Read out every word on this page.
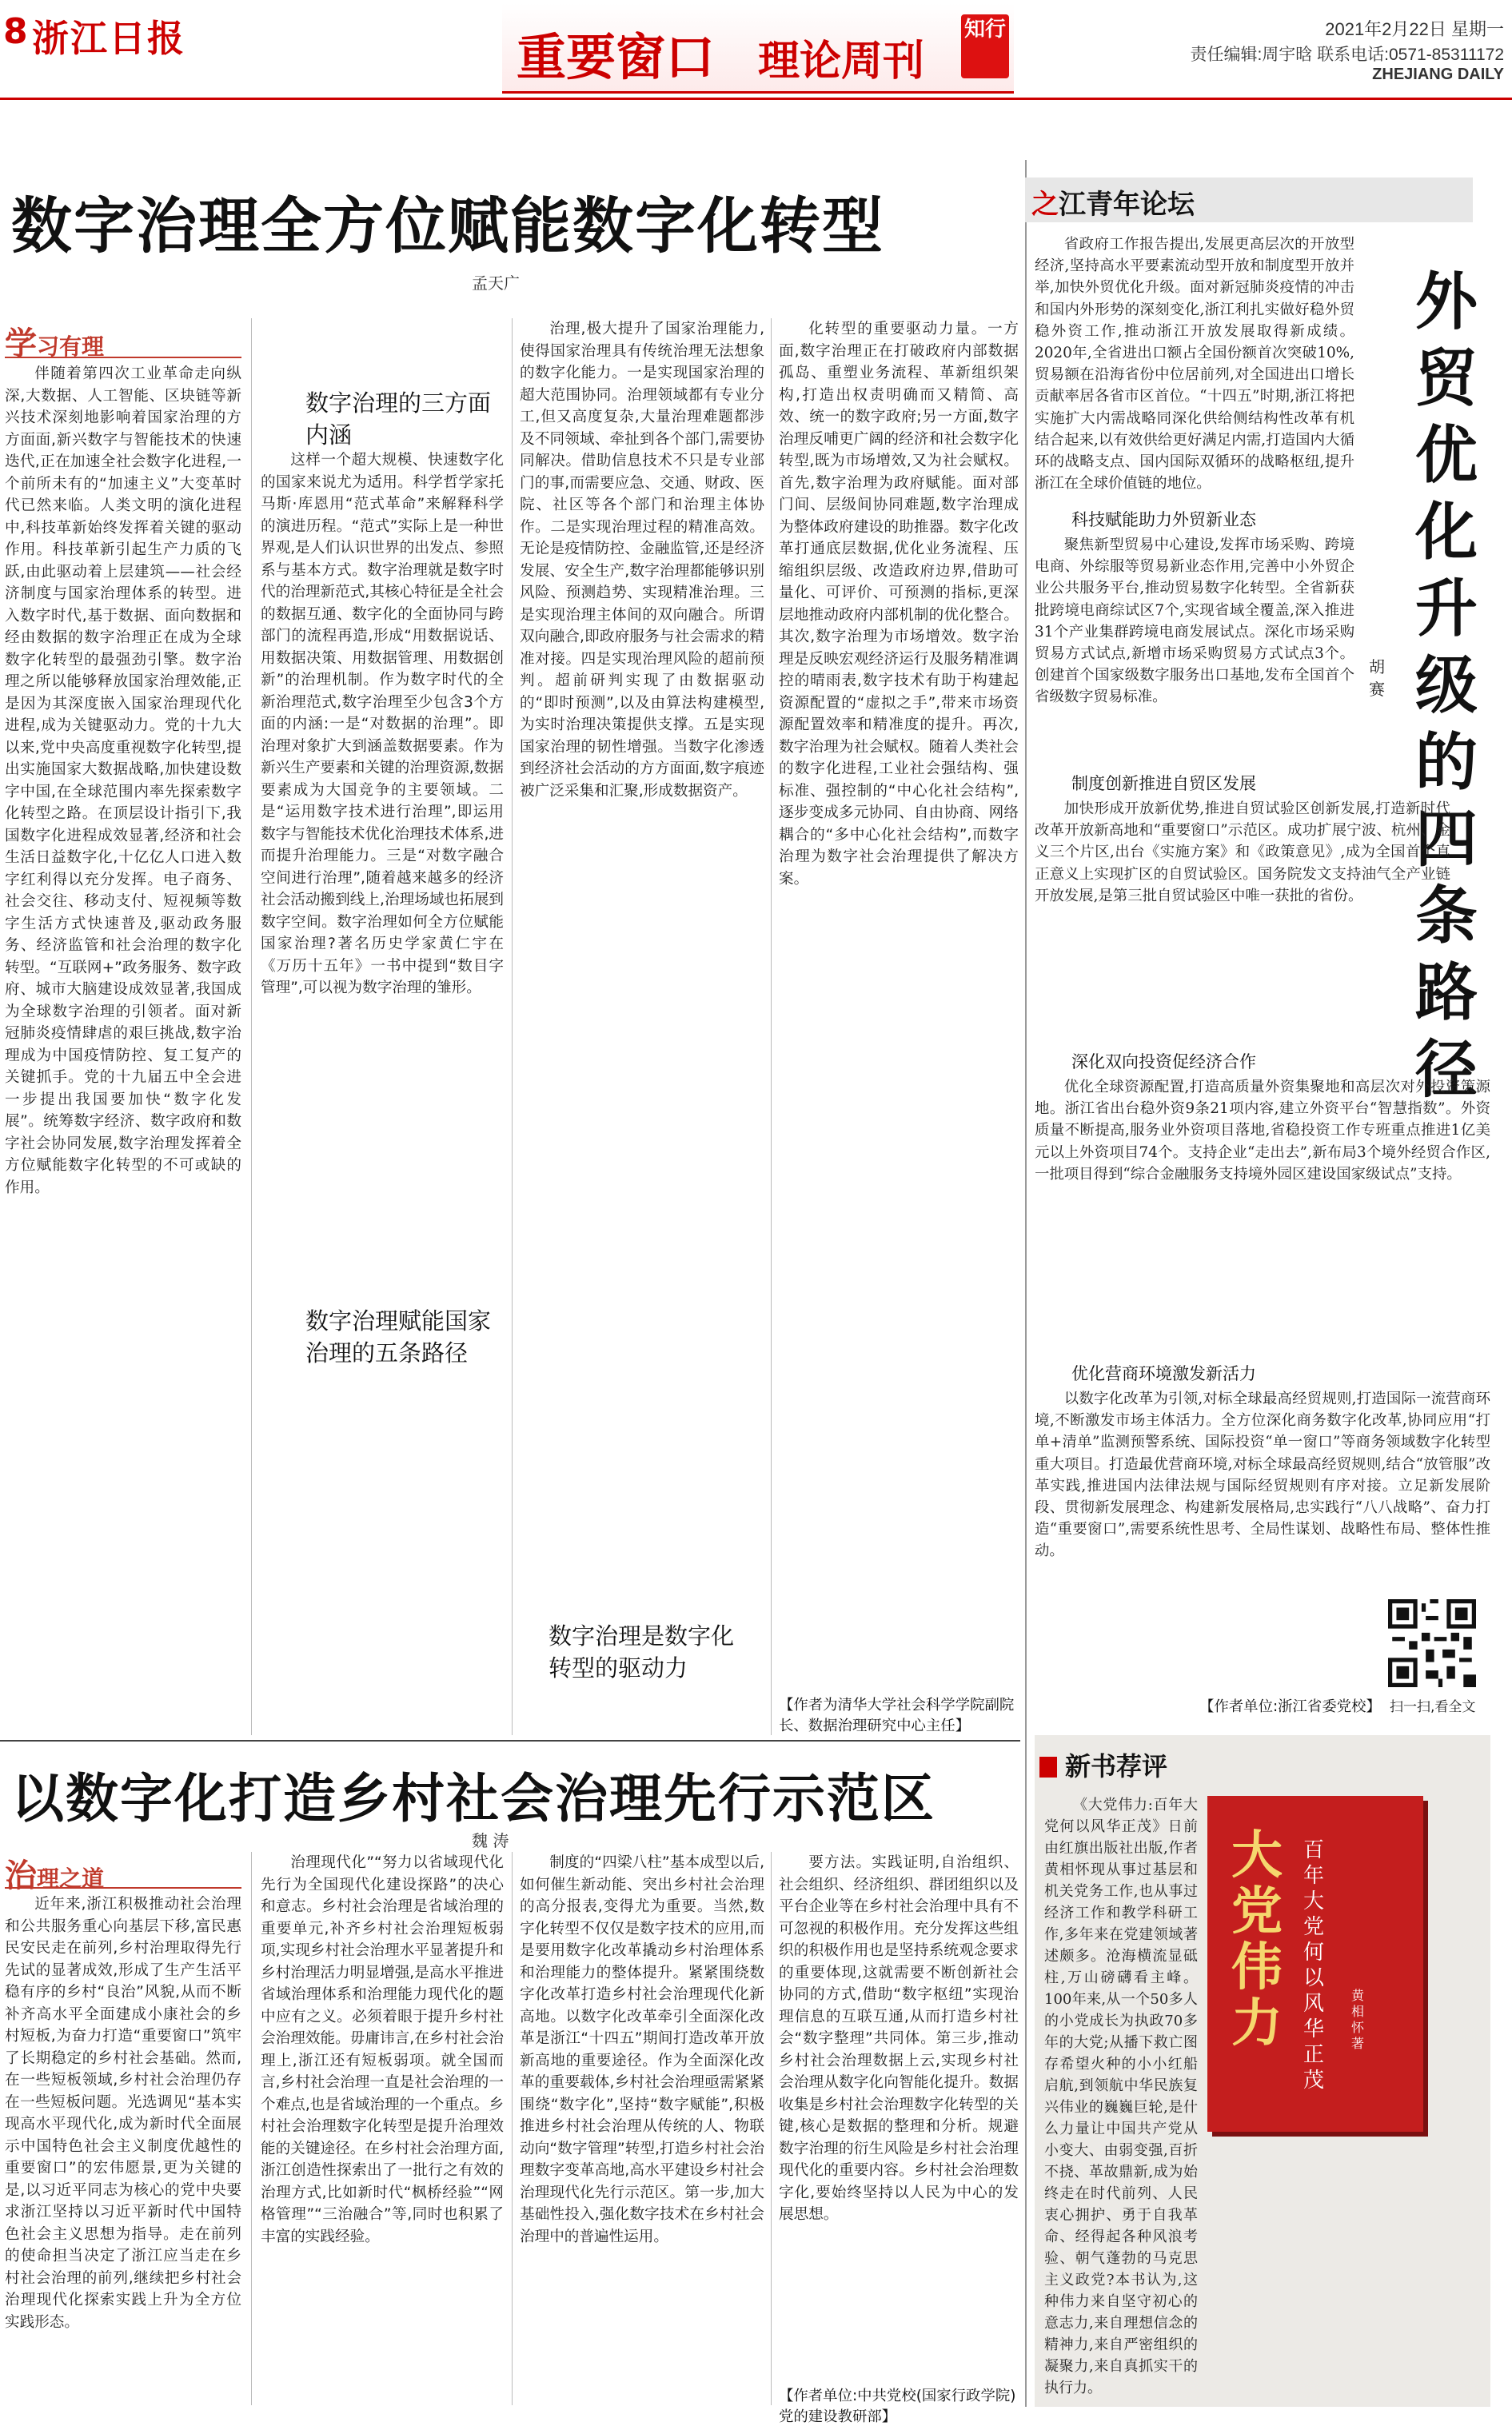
8 浙江日报	重要窗口 理论周刊
知行	2021年2月22日 星期一
责任编辑:周宇晗 联系电话:0571-85311172
ZHEJIANG DAILY
数字治理全方位赋能数字化转型
孟天广
学习有理

伴随着第四次工业革命走向纵深,大数据、人工智能、区块链等新兴技术深刻地影响着国家治理的方方面面,新兴数字与智能技术的快速迭代,正在加速全社会数字化进程,一个前所未有的“加速主义”大变革时代已然来临。人类文明的演化进程中,科技革新始终发挥着关键的驱动作用。科技革新引起生产力质的飞跃,由此驱动着上层建筑——社会经济制度与国家治理体系的转型。进入数字时代,基于数据、面向数据和经由数据的数字治理正在成为全球数字化转型的最强劲引擎。数字治理之所以能够释放国家治理效能,正是因为其深度嵌入国家治理现代化进程,成为关键驱动力。党的十九大以来,党中央高度重视数字化转型,提出实施国家大数据战略,加快建设数字中国,在全球范围内率先探索数字化转型之路。在顶层设计指引下,我国数字化进程成效显著,经济和社会生活日益数字化,十亿亿人口进入数字红利得以充分发挥。电子商务、社会交往、移动支付、短视频等数字生活方式快速普及,驱动政务服务、经济监管和社会治理的数字化转型。“互联网+”政务服务、数字政府、城市大脑建设成效显著,我国成为全球数字治理的引领者。面对新冠肺炎疫情肆虐的艰巨挑战,数字治理成为中国疫情防控、复工复产的关键抓手。党的十九届五中全会进一步提出我国要加快“数字化发展”。统筹数字经济、数字政府和数字社会协同发展,数字治理发挥着全方位赋能数字化转型的不可或缺的作用。

数字治理的三方面内涵

这样一个超大规模、快速数字化的国家来说尤为适用。科学哲学家托马斯·库恩用“范式革命”来解释科学的演进历程。“范式”实际上是一种世界观,是人们认识世界的出发点、参照系与基本方式。数字治理就是数字时代的治理新范式,其核心特征是全社会的数据互通、数字化的全面协同与跨部门的流程再造,形成“用数据说话、用数据决策、用数据管理、用数据创新”的治理机制。作为数字时代的全新治理范式,数字治理至少包含3个方面的内涵:一是“对数据的治理”。即治理对象扩大到涵盖数据要素。作为新兴生产要素和关键的治理资源,数据要素成为大国竞争的主要领域。二是“运用数字技术进行治理”,即运用数字与智能技术优化治理技术体系,进而提升治理能力。三是“对数字融合空间进行治理”,随着越来越多的经济社会活动搬到线上,治理场域也拓展到数字空间。数字治理如何全方位赋能国家治理?著名历史学家黄仁宇在《万历十五年》一书中提到“数目字管理”,可以视为数字治理的雏形。

数字治理赋能国家治理的五条路径

治理,极大提升了国家治理能力,使得国家治理具有传统治理无法想象的数字化能力。一是实现国家治理的超大范围协同。治理领域都有专业分工,但又高度复杂,大量治理难题都涉及不同领域、牵扯到各个部门,需要协同解决。借助信息技术不只是专业部门的事,而需要应急、交通、财政、医院、社区等各个部门和治理主体协作。二是实现治理过程的精准高效。无论是疫情防控、金融监管,还是经济发展、安全生产,数字治理都能够识别风险、预测趋势、实现精准治理。三是实现治理主体间的双向融合。所谓双向融合,即政府服务与社会需求的精准对接。四是实现治理风险的超前预判。超前研判实现了由数据驱动的“即时预测”,以及由算法构建模型,为实时治理决策提供支撑。五是实现国家治理的韧性增强。当数字化渗透到经济社会活动的方方面面,数字痕迹被广泛采集和汇聚,形成数据资产。

数字治理是数字化转型的驱动力

化转型的重要驱动力量。一方面,数字治理正在打破政府内部数据孤岛、重塑业务流程、革新组织架构,打造出权责明确而又精简、高效、统一的数字政府;另一方面,数字治理反哺更广阔的经济和社会数字化转型,既为市场增效,又为社会赋权。首先,数字治理为政府赋能。面对部门间、层级间协同难题,数字治理成为整体政府建设的助推器。数字化改革打通底层数据,优化业务流程、压缩组织层级、改造政府边界,借助可量化、可评价、可预测的指标,更深层地推动政府内部机制的优化整合。其次,数字治理为市场增效。数字治理是反映宏观经济运行及服务精准调控的晴雨表,数字技术有助于构建起资源配置的“虚拟之手”,带来市场资源配置效率和精准度的提升。再次,数字治理为社会赋权。随着人类社会的数字化进程,工业社会强结构、强标准、强控制的“中心化社会结构”,逐步变成多元协同、自由协商、网络耦合的“多中心化社会结构”,而数字治理为数字社会治理提供了解决方案。

【作者为清华大学社会科学学院副院长、数据治理研究中心主任】
以数字化打造乡村社会治理先行示范区
魏 涛
治理之道

近年来,浙江积极推动社会治理和公共服务重心向基层下移,富民惠民安民走在前列,乡村治理取得先行先试的显著成效,形成了生产生活平稳有序的乡村“良治”风貌,从而不断补齐高水平全面建成小康社会的乡村短板,为奋力打造“重要窗口”筑牢了长期稳定的乡村社会基础。然而,在一些短板领域,乡村社会治理仍存在一些短板问题。光选调见“基本实现高水平现代化,成为新时代全面展示中国特色社会主义制度优越性的重要窗口”的宏伟愿景,更为关键的是,以习近平同志为核心的党中央要求浙江坚持以习近平新时代中国特色社会主义思想为指导。走在前列的使命担当决定了浙江应当走在乡村社会治理的前列,继续把乡村社会治理现代化探索实践上升为全方位实践形态。

治理现代化”“努力以省域现代化先行为全国现代化建设探路”的决心和意志。乡村社会治理是省域治理的重要单元,补齐乡村社会治理短板弱项,实现乡村社会治理水平显著提升和乡村治理活力明显增强,是高水平推进省域治理体系和治理能力现代化的题中应有之义。必须着眼于提升乡村社会治理效能。毋庸讳言,在乡村社会治理上,浙江还有短板弱项。就全国而言,乡村社会治理一直是社会治理的一个难点,也是省域治理的一个重点。乡村社会治理数字化转型是提升治理效能的关键途径。在乡村社会治理方面,浙江创造性探索出了一批行之有效的治理方式,比如新时代“枫桥经验”“网格管理”“三治融合”等,同时也积累了丰富的实践经验。

制度的“四梁八柱”基本成型以后,如何催生新动能、突出乡村社会治理的高分报表,变得尤为重要。当然,数字化转型不仅仅是数字技术的应用,而是要用数字化改革撬动乡村治理体系和治理能力的整体提升。紧紧围绕数字化改革打造乡村社会治理现代化新高地。以数字化改革牵引全面深化改革是浙江“十四五”期间打造改革开放新高地的重要途径。作为全面深化改革的重要载体,乡村社会治理亟需紧紧围绕“数字化”,坚持“数字赋能”,积极推进乡村社会治理从传统的人、物联动向“数字管理”转型,打造乡村社会治理数字变革高地,高水平建设乡村社会治理现代化先行示范区。第一步,加大基础性投入,强化数字技术在乡村社会治理中的普遍性运用。

要方法。实践证明,自治组织、社会组织、经济组织、群团组织以及平台企业等在乡村社会治理中具有不可忽视的积极作用。充分发挥这些组织的积极作用也是坚持系统观念要求的重要体现,这就需要不断创新社会协同的方式,借助“数字枢纽”实现治理信息的互联互通,从而打造乡村社会“数字整理”共同体。第三步,推动乡村社会治理数据上云,实现乡村社会治理从数字化向智能化提升。数据收集是乡村社会治理数字化转型的关键,核心是数据的整理和分析。规避数字治理的衍生风险是乡村社会治理现代化的重要内容。乡村社会治理数字化,要始终坚持以人民为中心的发展思想。

【作者单位:中共党校(国家行政学院)党的建设教研部】
之江青年论坛
外贸优化升级的四条路径
胡赛

省政府工作报告提出,发展更高层次的开放型经济,坚持高水平要素流动型开放和制度型开放并举,加快外贸优化升级。面对新冠肺炎疫情的冲击和国内外形势的深刻变化,浙江利扎实做好稳外贸稳外资工作,推动浙江开放发展取得新成绩。2020年,全省进出口额占全国份额首次突破10%,贸易额在沿海省份中位居前列,对全国进出口增长贡献率居各省市区首位。“十四五”时期,浙江将把实施扩大内需战略同深化供给侧结构性改革有机结合起来,以有效供给更好满足内需,打造国内大循环的战略支点、国内国际双循环的战略枢纽,提升浙江在全球价值链的地位。

科技赋能助力外贸新业态

聚焦新型贸易中心建设,发挥市场采购、跨境电商、外综服等贸易新业态作用,完善中小外贸企业公共服务平台,推动贸易数字化转型。全省新获批跨境电商综试区7个,实现省域全覆盖,深入推进31个产业集群跨境电商发展试点。深化市场采购贸易方式试点,新增市场采购贸易方式试点3个。创建首个国家级数字服务出口基地,发布全国首个省级数字贸易标准。

制度创新推进自贸区发展

加快形成开放新优势,推进自贸试验区创新发展,打造新时代改革开放新高地和“重要窗口”示范区。成功扩展宁波、杭州、金义三个片区,出台《实施方案》和《政策意见》,成为全国首个真正意义上实现扩区的自贸试验区。国务院发文支持油气全产业链开放发展,是第三批自贸试验区中唯一获批的省份。

深化双向投资促经济合作

优化全球资源配置,打造高质量外资集聚地和高层次对外投资策源地。浙江省出台稳外资9条21项内容,建立外资平台“智慧指数”。外资质量不断提高,服务业外资项目落地,省稳投资工作专班重点推进1亿美元以上外资项目74个。支持企业“走出去”,新布局3个境外经贸合作区,一批项目得到“综合金融服务支持境外园区建设国家级试点”支持。

优化营商环境激发新活力

以数字化改革为引领,对标全球最高经贸规则,打造国际一流营商环境,不断激发市场主体活力。全方位深化商务数字化改革,协同应用“打单+清单”监测预警系统、国际投资“单一窗口”等商务领域数字化转型重大项目。打造最优营商环境,对标全球最高经贸规则,结合“放管服”改革实践,推进国内法律法规与国际经贸规则有序对接。立足新发展阶段、贯彻新发展理念、构建新发展格局,忠实践行“八八战略”、奋力打造“重要窗口”,需要系统性思考、全局性谋划、战略性布局、整体性推动。

【作者单位:浙江省委党校】 扫一扫,看全文
新书荐评

《大党伟力:百年大党何以风华正茂》日前由红旗出版社出版,作者黄相怀现从事过基层和机关党务工作,也从事过经济工作和教学科研工作,多年来在党建领域著述颇多。沧海横流显砥柱,万山磅礴看主峰。100年来,从一个50多人的小党成长为执政70多年的大党;从播下救亡图存希望火种的小小红船启航,到领航中华民族复兴伟业的巍巍巨轮,是什么力量让中国共产党从小变大、由弱变强,百折不挠、革故鼎新,成为始终走在时代前列、人民衷心拥护、勇于自我革命、经得起各种风浪考验、朝气蓬勃的马克思主义政党?本书认为,这种伟力来自坚守初心的意志力,来自理想信念的精神力,来自严密组织的凝聚力,来自真抓实干的执行力。

大党伟力
百年大党何以风华正茂
黄相怀 著
